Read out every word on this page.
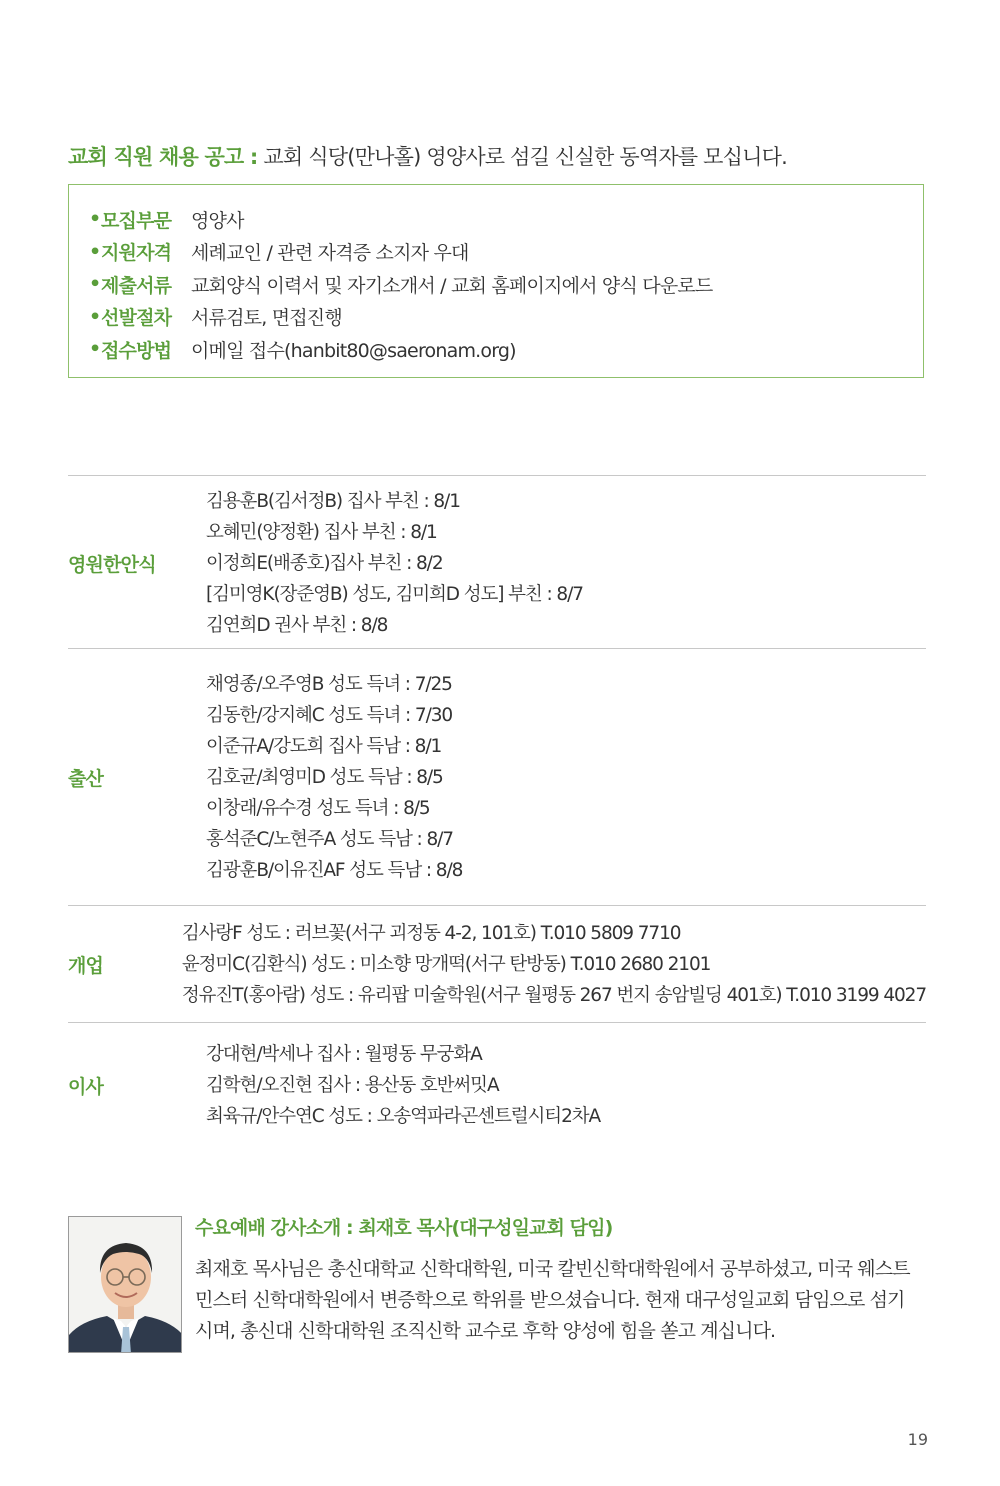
교회 직원 채용 공고 : 교회 식당(만나홀) 영양사로 섬길 신실한 동역자를 모십니다.
• 모집부문	영양사
• 지원자격	세례교인 / 관련 자격증 소지자 우대
• 제출서류	교회양식 이력서 및 자기소개서 / 교회 홈페이지에서 양식 다운로드
• 선발절차	서류검토, 면접진행
• 접수방법	이메일 접수(hanbit80@saeronam.org)
영원한안식
김용훈B(김서정B) 집사 부친 : 8/1
오혜민(양정환) 집사 부친 : 8/1
이정희E(배종호)집사 부친 : 8/2
[김미영K(장준영B) 성도, 김미희D 성도] 부친 : 8/7
김연희D 권사 부친 : 8/8
출산
채영종/오주영B 성도 득녀 : 7/25
김동한/강지혜C 성도 득녀 : 7/30
이준규A/강도희 집사 득남 : 8/1
김호균/최영미D 성도 득남 : 8/5
이창래/유수경 성도 득녀 : 8/5
홍석준C/노현주A 성도 득남 : 8/7
김광훈B/이유진AF 성도 득남 : 8/8
개업
김사랑F 성도 : 러브꽃(서구 괴정동 4-2, 101호) T.010 5809 7710
윤정미C(김환식) 성도 : 미소향 망개떡(서구 탄방동) T.010 2680 2101
정유진T(홍아람) 성도 : 유리팝 미술학원(서구 월평동 267 번지 송암빌딩 401호) T.010 3199 4027
이사
강대현/박세나 집사 : 월평동 무궁화A
김학현/오진현 집사 : 용산동 호반써밋A
최육규/안수연C 성도 : 오송역파라곤센트럴시티2차A
수요예배 강사소개 : 최재호 목사(대구성일교회 담임)
최재호 목사님은 총신대학교 신학대학원, 미국 칼빈신학대학원에서 공부하셨고, 미국 웨스트
민스터 신학대학원에서 변증학으로 학위를 받으셨습니다. 현재 대구성일교회 담임으로 섬기
시며, 총신대 신학대학원 조직신학 교수로 후학 양성에 힘을 쏟고 계십니다.
19
